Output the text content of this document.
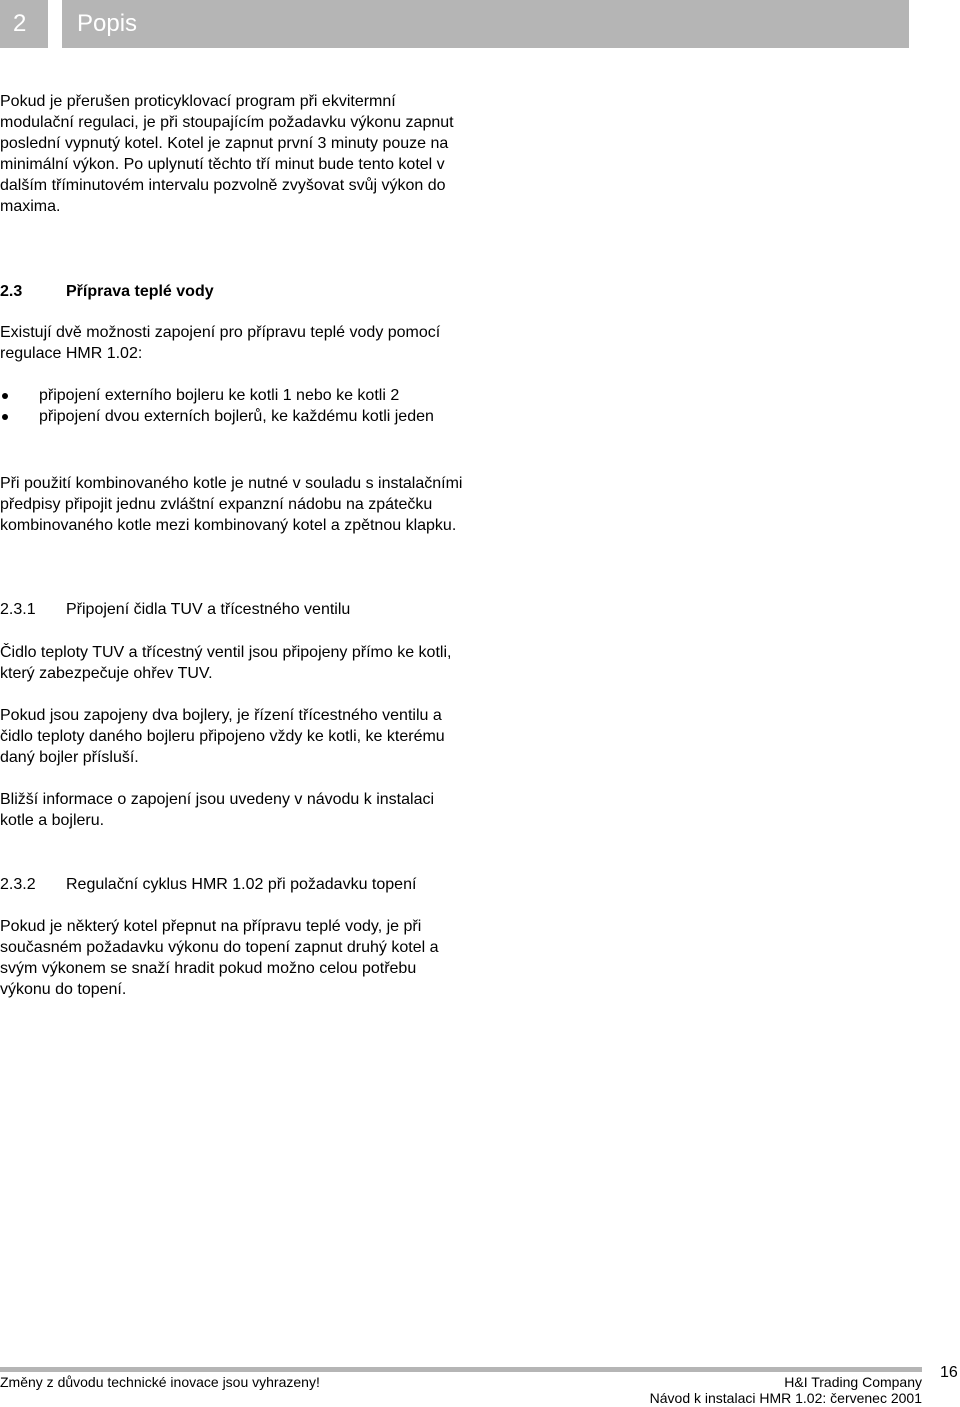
2 Popis

Pokud je přerušen proticyklovací program při ekvitermní modulační regulaci, je při stoupajícím požadavku výkonu zapnut poslední vypnutý kotel. Kotel je zapnut první 3 minuty pouze na minimální výkon. Po uplynutí těchto tří minut bude tento kotel v dalším tříminutovém intervalu pozvolně zvyšovat svůj výkon do maxima.

2.3	Příprava teplé vody

Existují dvě možnosti zapojení pro přípravu teplé vody pomocí regulace HMR 1.02:

připojení externího bojleru ke kotli 1 nebo ke kotli 2
připojení dvou externích bojlerů, ke každému kotli jeden

Při použití kombinovaného kotle je nutné v souladu s instalačními předpisy připojit jednu zvláštní expanzní nádobu na zpátečku kombinovaného kotle mezi kombinovaný kotel a zpětnou klapku.

2.3.1	Připojení čidla TUV a třícestného ventilu

Čidlo teploty TUV a třícestný ventil jsou připojeny přímo ke kotli, který zabezpečuje ohřev TUV.

Pokud jsou zapojeny dva bojlery, je řízení třícestného ventilu a čidlo teploty daného bojleru připojeno vždy ke kotli, ke kterému daný bojler přísluší.

Bližší informace o zapojení jsou uvedeny v návodu k instalaci kotle a bojleru.

2.3.2	Regulační cyklus HMR 1.02 při požadavku topení

Pokud je některý kotel přepnut na přípravu teplé vody, je při současném požadavku výkonu do topení zapnut druhý kotel a svým výkonem se snaží hradit pokud možno celou potřebu výkonu do topení.

Změny z důvodu technické inovace jsou vyhrazeny!	H&I Trading Company
Návod k instalaci HMR 1.02: červenec 2001
16
